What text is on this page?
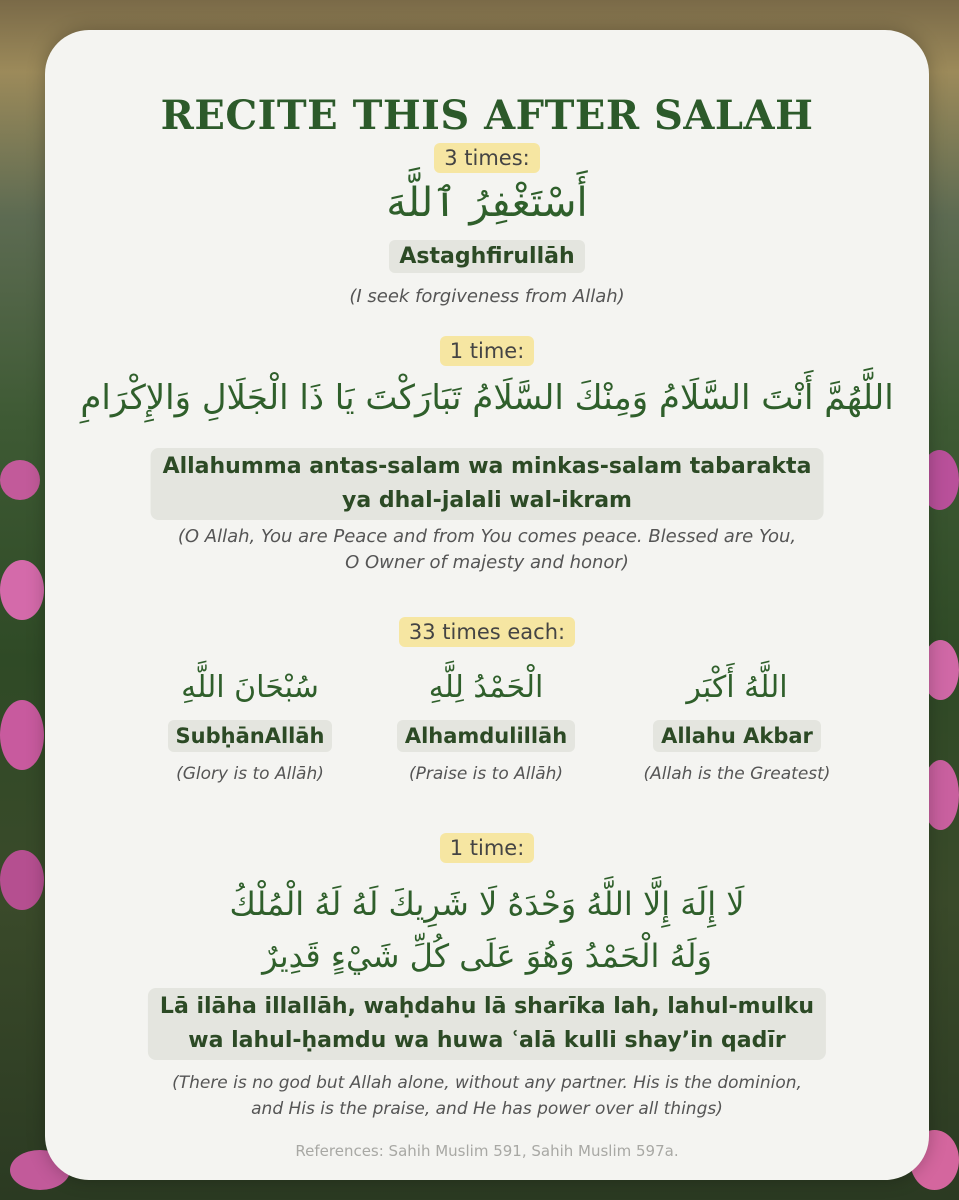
RECITE THIS AFTER SALAH
3 times:
أَسْتَغْفِرُ ٱللَّهَ
Astaghfirullāh
(I seek forgiveness from Allah)
1 time:
اللَّهُمَّ أَنْتَ السَّلَامُ وَمِنْكَ السَّلَامُ تَبَارَكْتَ يَا ذَا الْجَلَالِ وَالإِكْرَامِ
Allahumma antas-salam wa minkas-salam tabarakta
ya dhal-jalali wal-ikram
(O Allah, You are Peace and from You comes peace. Blessed are You,
O Owner of majesty and honor)
33 times each:
سُبْحَانَ اللَّهِ
SubḥānAllāh
(Glory is to Allāh)
الْحَمْدُ لِلَّهِ
Alhamdulillāh
(Praise is to Allāh)
اللَّهُ أَكْبَر
Allahu Akbar
(Allah is the Greatest)
1 time:
لَا إِلَهَ إِلَّا اللَّهُ وَحْدَهُ لَا شَرِيكَ لَهُ لَهُ الْمُلْكُ
وَلَهُ الْحَمْدُ وَهُوَ عَلَى كُلِّ شَيْءٍ قَدِيرٌ
Lā ilāha illallāh, waḥdahu lā sharīka lah, lahul-mulku
wa lahul-ḥamdu wa huwa ʿalā kulli shay’in qadīr
(There is no god but Allah alone, without any partner. His is the dominion,
and His is the praise, and He has power over all things)
References: Sahih Muslim 591, Sahih Muslim 597a.
